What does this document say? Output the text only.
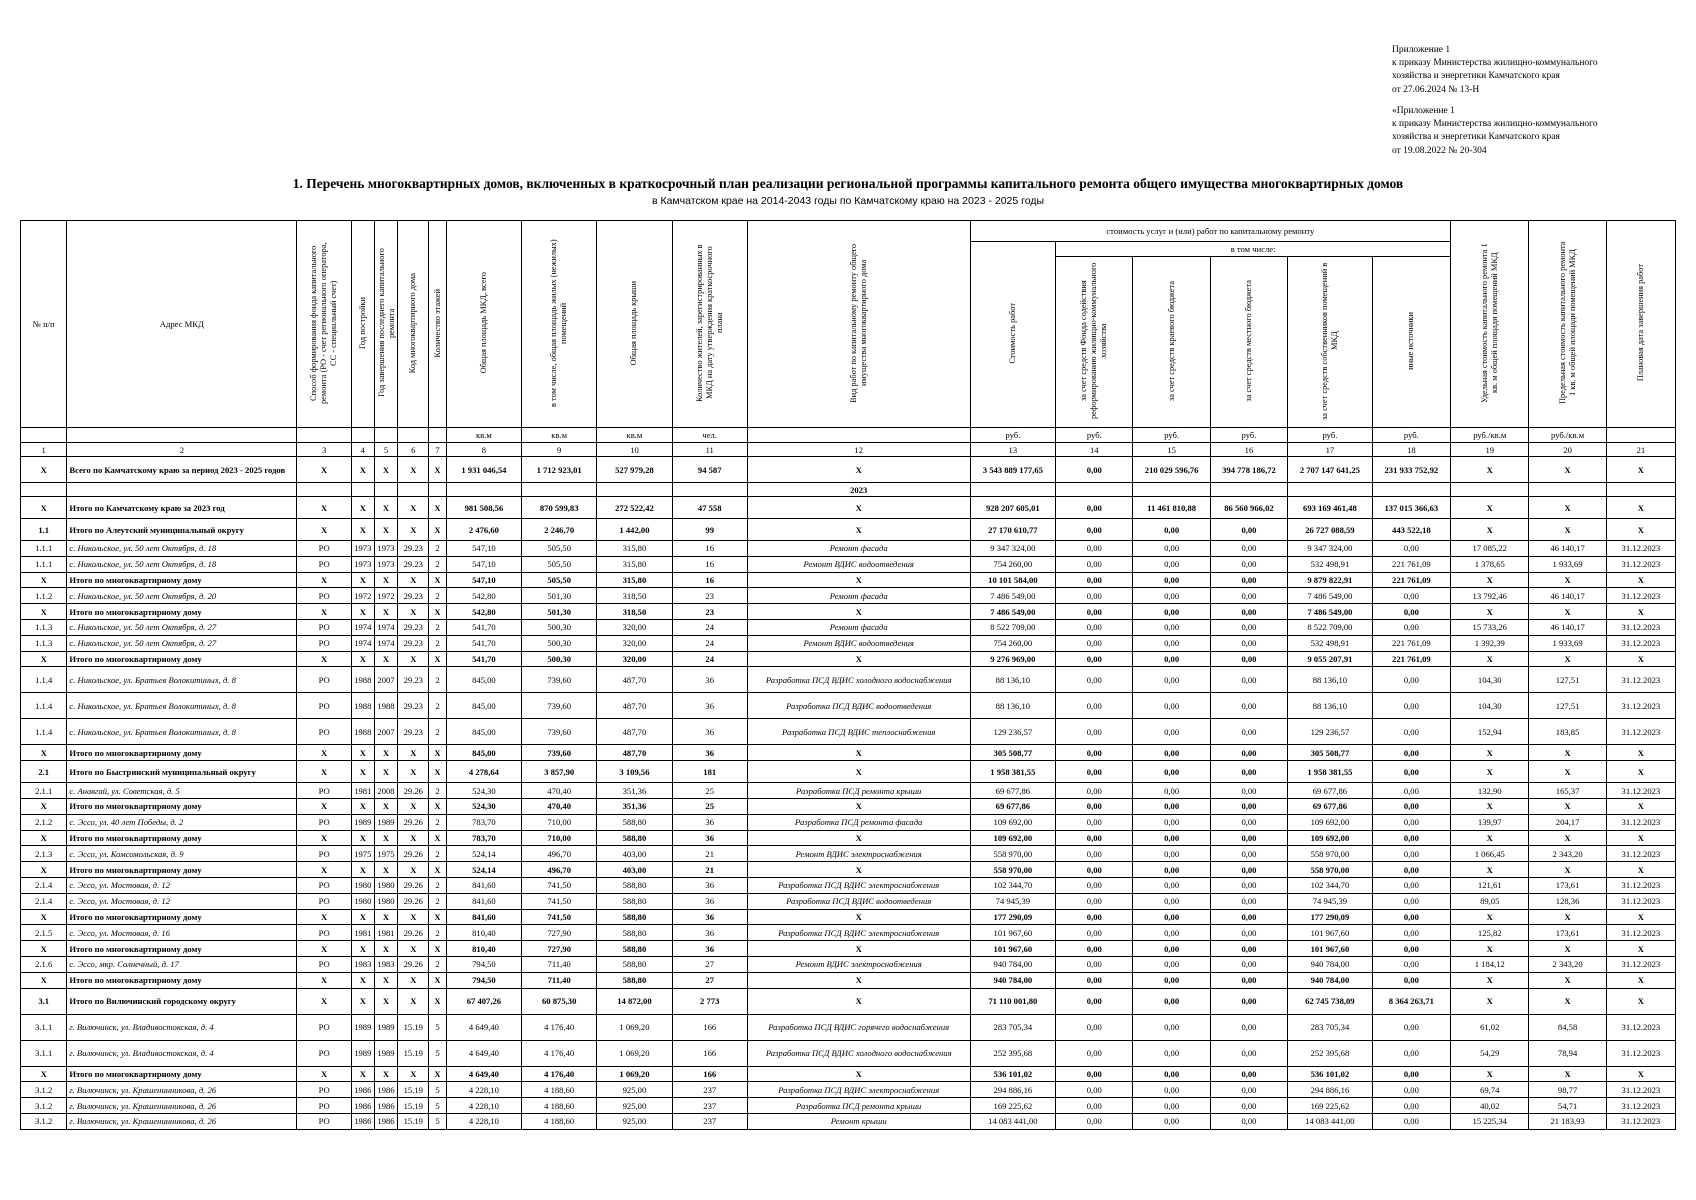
Приложение 1
к приказу Министерства жилищно-коммунального
хозяйства и энергетики Камчатского края
от 27.06.2024 № 13-Н
«Приложение 1
к приказу Министерства жилищно-коммунального
хозяйства и энергетики Камчатского края
от 19.08.2022 № 20-304
1. Перечень многоквартирных домов, включенных в краткосрочный план реализации региональной программы капитального ремонта общего имущества многоквартирных домов
в Камчатском крае на 2014-2043 годы по Камчатскому краю на 2023 - 2025 годы
№ п/п	Адрес МКД	Способ формирования фонда капитального ремонта (РО - счет регионального оператора, СС - специальный счет)	Год постройки	Год завершения последнего капитального ремонта	Код многоквартирного дома	Количество этажей	Общая площадь МКД, всего	в том числе, общая площадь жилых (нежилых) помещений	Общая площадь крыши	Количество жителей, зарегистрированных в МКД на дату утверждения краткосрочного плана	Вид работ по капитальному ремонту общего имущества многоквартирного дома	стоимость услуг и (или) работ по капитальному ремонту						Удельная стоимость капитального ремонта 1 кв. м общей площади помещений МКД	Предельная стоимость капитального ремонта 1 кв. м общей площади помещений МКД	Плановая дата завершения работ
												Стоимость работ	в том числе:							
													за счет средств Фонда содействия реформированию жилищно-коммунального хозяйства	за счет средств краевого бюджета	за счет средств местного бюджета	за счет средств собственников помещений в МКД	иные источники			
							кв.м	кв.м	кв.м	чел.		руб.	руб.	руб.	руб.	руб.	руб.	руб./кв.м	руб./кв.м	
1	2	3	4	5	6	7	8	9	10	11	12	13	14	15	16	17	18	19	20	21
X	Всего по Камчатскому краю за период 2023 - 2025 годов	X	X	X	X	X	1 931 046,54	1 712 923,01	527 979,28	94 587	X	3 543 889 177,65	0,00	210 029 596,76	394 778 186,72	2 707 147 641,25	231 933 752,92	X	X	X
											2023									
X	Итого по Камчатскому краю за 2023 год	X	X	X	X	X	981 508,56	870 599,83	272 522,42	47 558	X	928 207 605,01	0,00	11 461 810,88	86 560 966,02	693 169 461,48	137 015 366,63	X	X	X
1.1	Итого по Алеутский муниципальный округу	X	X	X	X	X	2 476,60	2 246,70	1 442,00	99	X	27 170 610,77	0,00	0,00	0,00	26 727 088,59	443 522,18	X	X	X
1.1.1	с. Никольское, ул. 50 лет Октября, д. 18	РО	1973	1973	29.23	2	547,10	505,50	315,80	16	Ремонт фасада	9 347 324,00	0,00	0,00	0,00	9 347 324,00	0,00	17 085,22	46 140,17	31.12.2023
1.1.1	с. Никольское, ул. 50 лет Октября, д. 18	РО	1973	1973	29.23	2	547,10	505,50	315,80	16	Ремонт ВДИС водоотведения	754 260,00	0,00	0,00	0,00	532 498,91	221 761,09	1 378,65	1 933,69	31.12.2023
X	Итого по многоквартирному дому	X	X	X	X	X	547,10	505,50	315,80	16	X	10 101 584,00	0,00	0,00	0,00	9 879 822,91	221 761,09	X	X	X
1.1.2	с. Никольское, ул. 50 лет Октября, д. 20	РО	1972	1972	29.23	2	542,80	501,30	318,50	23	Ремонт фасада	7 486 549,00	0,00	0,00	0,00	7 486 549,00	0,00	13 792,46	46 140,17	31.12.2023
X	Итого по многоквартирному дому	X	X	X	X	X	542,80	501,30	318,50	23	X	7 486 549,00	0,00	0,00	0,00	7 486 549,00	0,00	X	X	X
1.1.3	с. Никольское, ул. 50 лет Октября, д. 27	РО	1974	1974	29.23	2	541,70	500,30	320,00	24	Ремонт фасада	8 522 709,00	0,00	0,00	0,00	8 522 709,00	0,00	15 733,26	46 140,17	31.12.2023
1.1.3	с. Никольское, ул. 50 лет Октября, д. 27	РО	1974	1974	29.23	2	541,70	500,30	320,00	24	Ремонт ВДИС водоотведения	754 260,00	0,00	0,00	0,00	532 498,91	221 761,09	1 392,39	1 933,69	31.12.2023
X	Итого по многоквартирному дому	X	X	X	X	X	541,70	500,30	320,00	24	X	9 276 969,00	0,00	0,00	0,00	9 055 207,91	221 761,09	X	X	X
1.1.4	с. Никольское, ул. Братьев Волокитиных, д. 8	РО	1988	2007	29.23	2	845,00	739,60	487,70	36	Разработка ПСД ВДИС холодного водоснабжения	88 136,10	0,00	0,00	0,00	88 136,10	0,00	104,30	127,51	31.12.2023
1.1.4	с. Никольское, ул. Братьев Волокитиных, д. 8	РО	1988	1988	29.23	2	845,00	739,60	487,70	36	Разработка ПСД ВДИС водоотведения	88 136,10	0,00	0,00	0,00	88 136,10	0,00	104,30	127,51	31.12.2023
1.1.4	с. Никольское, ул. Братьев Волокитиных, д. 8	РО	1988	2007	29.23	2	845,00	739,60	487,70	36	Разработка ПСД ВДИС теплоснабжения	129 236,57	0,00	0,00	0,00	129 236,57	0,00	152,94	183,85	31.12.2023
X	Итого по многоквартирному дому	X	X	X	X	X	845,00	739,60	487,70	36	X	305 508,77	0,00	0,00	0,00	305 508,77	0,00	X	X	X
2.1	Итого по Быстринский муниципальный округу	X	X	X	X	X	4 278,64	3 857,90	3 109,56	181	X	1 958 381,55	0,00	0,00	0,00	1 958 381,55	0,00	X	X	X
2.1.1	с. Анавгай, ул. Советская, д. 5	РО	1981	2008	29.26	2	524,30	470,40	351,36	25	Разработка ПСД ремонта крыши	69 677,86	0,00	0,00	0,00	69 677,86	0,00	132,90	165,37	31.12.2023
X	Итого по многоквартирному дому	X	X	X	X	X	524,30	470,40	351,36	25	X	69 677,86	0,00	0,00	0,00	69 677,86	0,00	X	X	X
2.1.2	с. Эссо, ул. 40 лет Победы, д. 2	РО	1989	1989	29.26	2	783,70	710,00	588,80	36	Разработка ПСД ремонта фасада	109 692,00	0,00	0,00	0,00	109 692,00	0,00	139,97	204,17	31.12.2023
X	Итого по многоквартирному дому	X	X	X	X	X	783,70	710,00	588,80	36	X	109 692,00	0,00	0,00	0,00	109 692,00	0,00	X	X	X
2.1.3	с. Эссо, ул. Комсомольская, д. 9	РО	1975	1975	29.26	2	524,14	496,70	403,00	21	Ремонт ВДИС электроснабжения	558 970,00	0,00	0,00	0,00	558 970,00	0,00	1 066,45	2 343,20	31.12.2023
X	Итого по многоквартирному дому	X	X	X	X	X	524,14	496,70	403,00	21	X	558 970,00	0,00	0,00	0,00	558 970,00	0,00	X	X	X
2.1.4	с. Эссо, ул. Мостовая, д. 12	РО	1980	1980	29.26	2	841,60	741,50	588,80	36	Разработка ПСД ВДИС электроснабжения	102 344,70	0,00	0,00	0,00	102 344,70	0,00	121,61	173,61	31.12.2023
2.1.4	с. Эссо, ул. Мостовая, д. 12	РО	1980	1980	29.26	2	841,60	741,50	588,80	36	Разработка ПСД ВДИС водоотведения	74 945,39	0,00	0,00	0,00	74 945,39	0,00	89,05	128,36	31.12.2023
X	Итого по многоквартирному дому	X	X	X	X	X	841,60	741,50	588,80	36	X	177 290,09	0,00	0,00	0,00	177 290,09	0,00	X	X	X
2.1.5	с. Эссо, ул. Мостовая, д. 16	РО	1981	1981	29.26	2	810,40	727,90	588,80	36	Разработка ПСД ВДИС электроснабжения	101 967,60	0,00	0,00	0,00	101 967,60	0,00	125,82	173,61	31.12.2023
X	Итого по многоквартирному дому	X	X	X	X	X	810,40	727,90	588,80	36	X	101 967,60	0,00	0,00	0,00	101 967,60	0,00	X	X	X
2.1.6	с. Эссо, мкр. Солнечный, д. 17	РО	1983	1983	29.26	2	794,50	711,40	588,80	27	Ремонт ВДИС электроснабжения	940 784,00	0,00	0,00	0,00	940 784,00	0,00	1 184,12	2 343,20	31.12.2023
X	Итого по многоквартирному дому	X	X	X	X	X	794,50	711,40	588,80	27	X	940 784,00	0,00	0,00	0,00	940 784,00	0,00	X	X	X
3.1	Итого по Вилючинский городскому округу	X	X	X	X	X	67 407,26	60 875,30	14 872,00	2 773	X	71 110 001,80	0,00	0,00	0,00	62 745 738,09	8 364 263,71	X	X	X
3.1.1	г. Вилючинск, ул. Владивостокская, д. 4	РО	1989	1989	15.19	5	4 649,40	4 176,40	1 069,20	166	Разработка ПСД ВДИС горячего водоснабжения	283 705,34	0,00	0,00	0,00	283 705,34	0,00	61,02	84,58	31.12.2023
3.1.1	г. Вилючинск, ул. Владивостокская, д. 4	РО	1989	1989	15.19	5	4 649,40	4 176,40	1 069,20	166	Разработка ПСД ВДИС холодного водоснабжения	252 395,68	0,00	0,00	0,00	252 395,68	0,00	54,29	78,94	31.12.2023
X	Итого по многоквартирному дому	X	X	X	X	X	4 649,40	4 176,40	1 069,20	166	X	536 101,02	0,00	0,00	0,00	536 101,02	0,00	X	X	X
3.1.2	г. Вилючинск, ул. Крашенинникова, д. 26	РО	1986	1986	15.19	5	4 228,10	4 188,60	925,00	237	Разработка ПСД ВДИС электроснабжения	294 886,16	0,00	0,00	0,00	294 886,16	0,00	69,74	98,77	31.12.2023
3.1.2	г. Вилючинск, ул. Крашенинникова, д. 26	РО	1986	1986	15.19	5	4 228,10	4 188,60	925,00	237	Разработка ПСД ремонта крыши	169 225,62	0,00	0,00	0,00	169 225,62	0,00	40,02	54,71	31.12.2023
3.1.2	г. Вилючинск, ул. Крашенинникова, д. 26	РО	1986	1986	15.19	5	4 228,10	4 188,60	925,00	237	Ремонт крыши	14 083 441,00	0,00	0,00	0,00	14 083 441,00	0,00	15 225,34	21 183,93	31.12.2023
